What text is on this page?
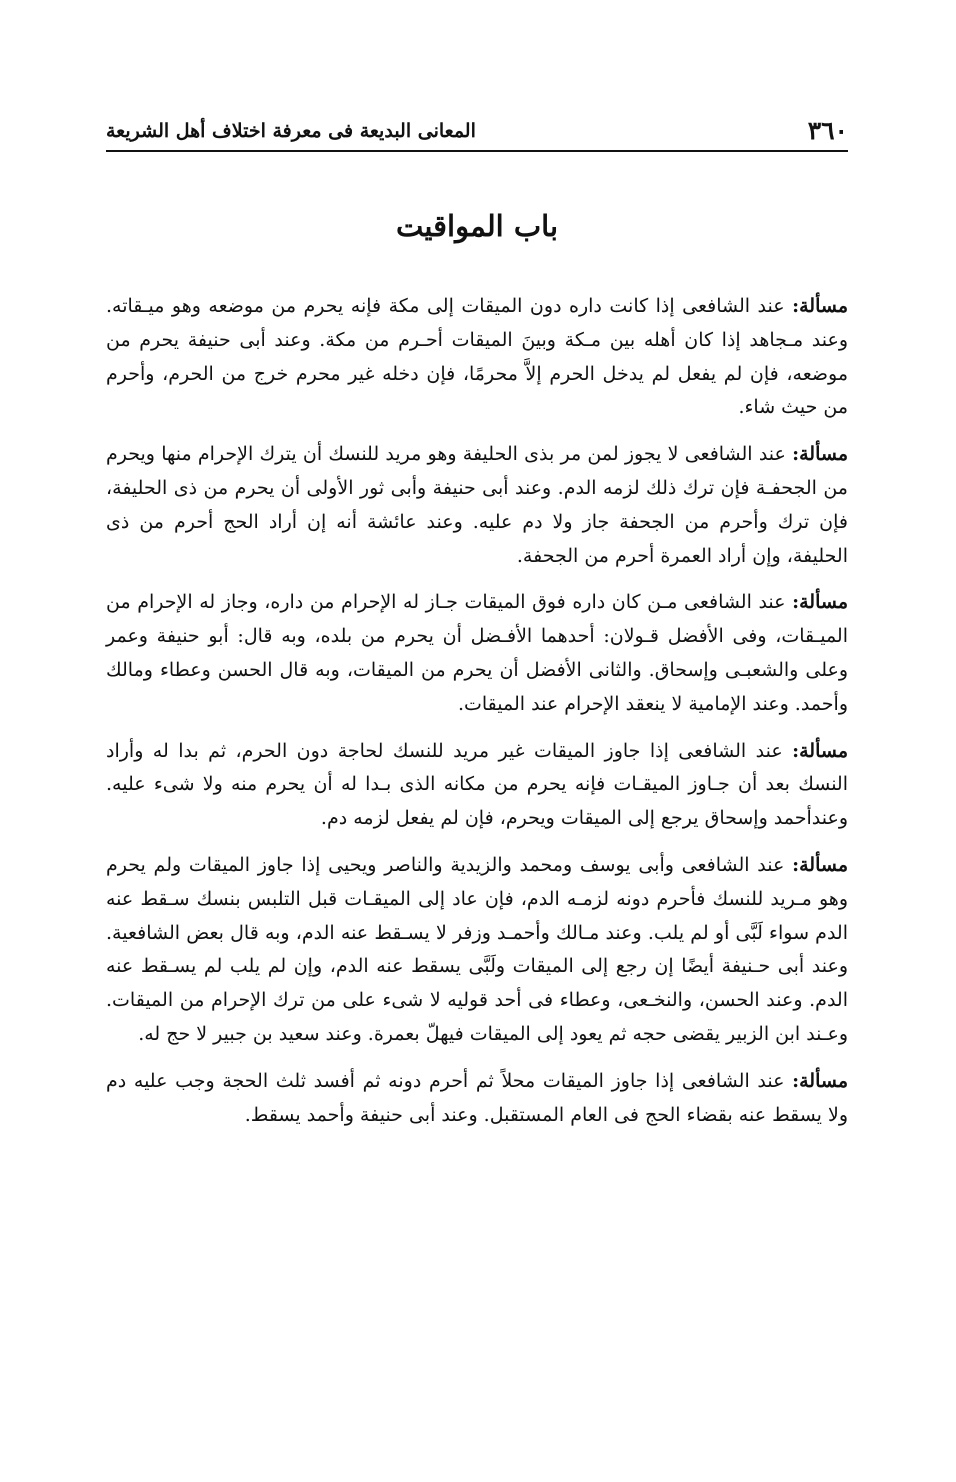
٣٦٠
المعانى البديعة فى معرفة اختلاف أهل الشريعة
باب المواقيت

مسألة: عند الشافعى إذا كانت داره دون الميقات إلى مكة فإنه يحرم من موضعه وهو ميـقاته. وعند مـجاهد إذا كان أهله بين مـكة وبينَ الميقات أحـرم من مكة. وعند أبى حنيفة يحرم من موضعه، فإن لم يفعل لم يدخل الحرم إلاَّ محرمًا، فإن دخله غير محرم خرج من الحرم، وأحرم من حيث شاء.

مسألة: عند الشافعى لا يجوز لمن مر بذى الحليفة وهو مريد للنسك أن يترك الإحرام منها ويحرم من الجحفـة فإن ترك ذلك لزمه الدم. وعند أبى حنيفة وأبى ثور الأولى أن يحرم من ذى الحليفة، فإن ترك وأحرم من الجحفة جاز ولا دم عليه. وعند عائشة أنه إن أراد الحج أحرم من ذى الحليفة، وإن أراد العمرة أحرم من الجحفة.

مسألة: عند الشافعى مـن كان داره فوق الميقات جـاز له الإحرام من داره، وجاز له الإحرام من الميـقات، وفى الأفضل قـولان: أحدهما الأفـضل أن يحرم من بلده، وبه قال: أبو حنيفة وعمر وعلى والشعبـى وإسحاق. والثانى الأفضل أن يحرم من الميقات، وبه قال الحسن وعطاء ومالك وأحمد. وعند الإمامية لا ينعقد الإحرام عند الميقات.

مسألة: عند الشافعى إذا جاوز الميقات غير مريد للنسك لحاجة دون الحرم، ثم بدا له وأراد النسك بعد أن جـاوز الميقـات فإنه يحرم من مكانه الذى بـدا له أن يحرم منه ولا شىء عليه. وعندأحمد وإسحاق يرجع إلى الميقات ويحرم، فإن لم يفعل لزمه دم.

مسألة: عند الشافعى وأبى يوسف ومحمد والزيدية والناصر ويحيى إذا جاوز الميقات ولم يحرم وهو مـريد للنسك فأحرم دونه لزمـه الدم، فإن عاد إلى الميقـات قبل التلبس بنسك سـقط عنه الدم سواء لَبَّى أو لم يلب. وعند مـالك وأحمـد وزفر لا يسـقط عنه الدم، وبه قال بعض الشافعية. وعند أبى حـنيفة أيضًا إن رجع إلى الميقات ولَبَّى يسقط عنه الدم، وإن لم يلب لم يسـقط عنه الدم. وعند الحسن، والنخـعى، وعطاء فى أحد قوليه لا شىء على من ترك الإحرام من الميقات. وعـند ابن الزبير يقضى حجه ثم يعود إلى الميقات فيهلّ بعمرة. وعند سعيد بن جبير لا حج له.

مسألة: عند الشافعى إذا جاوز الميقات محلاً ثم أحرم دونه ثم أفسد ثلث الحجة وجب عليه دم ولا يسقط عنه بقضاء الحج فى العام المستقبل. وعند أبى حنيفة وأحمد يسقط.
